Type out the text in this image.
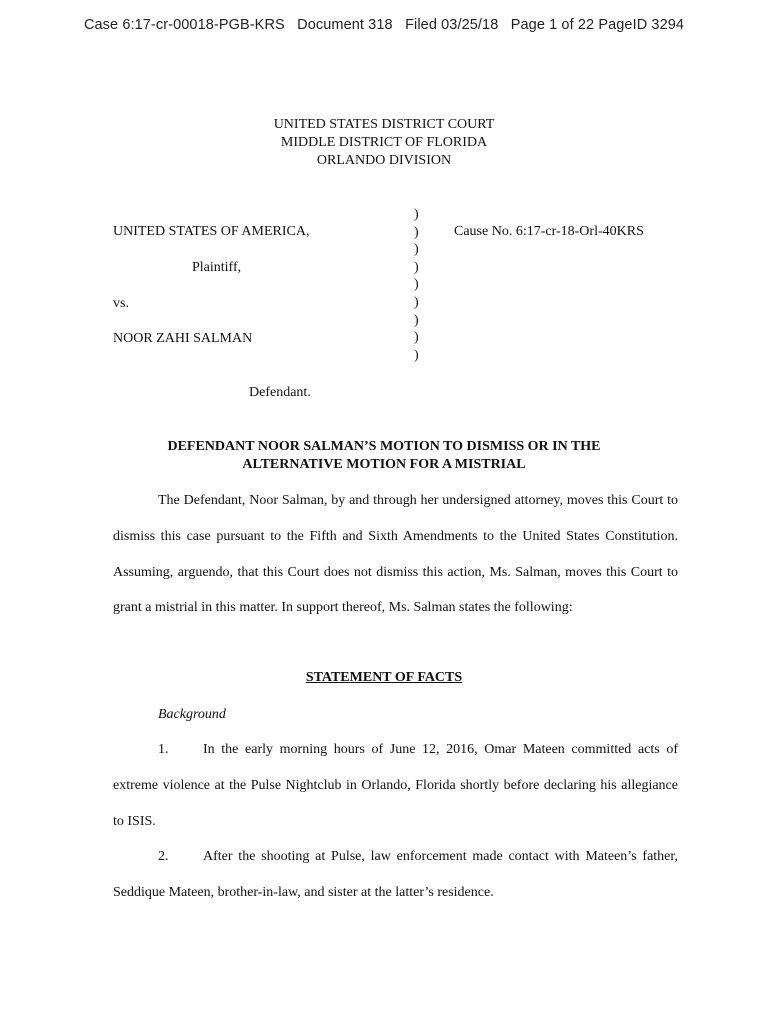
Case 6:17-cr-00018-PGB-KRS   Document 318   Filed 03/25/18   Page 1 of 22 PageID 3294
UNITED STATES DISTRICT COURT
MIDDLE DISTRICT OF FLORIDA
ORLANDO DIVISION
UNITED STATES OF AMERICA,
Plaintiff,
vs.
NOOR ZAHI SALMAN
Defendant.
Cause No. 6:17-cr-18-Orl-40KRS
)
)
)
)
)
)
)
)
)
DEFENDANT NOOR SALMAN’S MOTION TO DISMISS OR IN THE
ALTERNATIVE MOTION FOR A MISTRIAL

The Defendant, Noor Salman, by and through her undersigned attorney, moves this Court to dismiss this case pursuant to the Fifth and Sixth Amendments to the United States Constitution. Assuming, arguendo, that this Court does not dismiss this action, Ms. Salman, moves this Court to grant a mistrial in this matter. In support thereof, Ms. Salman states the following:

STATEMENT OF FACTS
Background

1. In the early morning hours of June 12, 2016, Omar Mateen committed acts of extreme violence at the Pulse Nightclub in Orlando, Florida shortly before declaring his allegiance to ISIS.

2. After the shooting at Pulse, law enforcement made contact with Mateen’s father, Seddique Mateen, brother-in-law, and sister at the latter’s residence.
